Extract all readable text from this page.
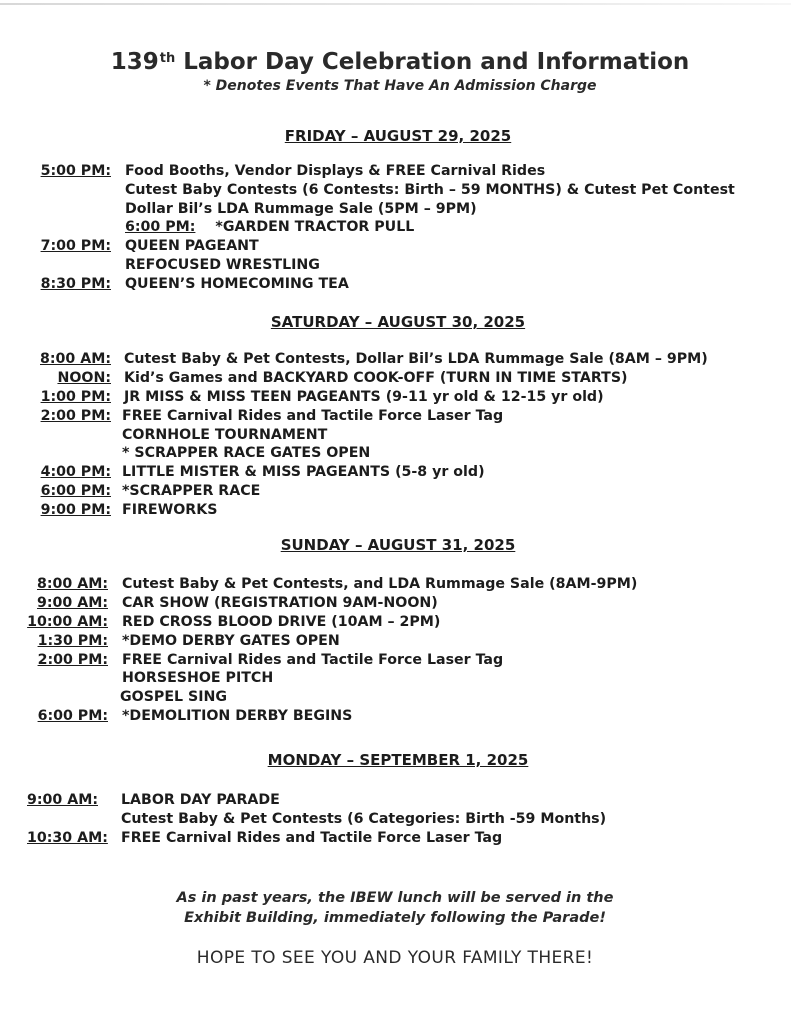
139th Labor Day Celebration and Information
* Denotes Events That Have An Admission Charge
FRIDAY – AUGUST 29, 2025
5:00 PM: Food Booths, Vendor Displays & FREE Carnival Rides
Cutest Baby Contests (6 Contests: Birth – 59 MONTHS) & Cutest Pet Contest
Dollar Bil’s LDA Rummage Sale (5PM – 9PM)
6:00 PM: *GARDEN TRACTOR PULL
7:00 PM: QUEEN PAGEANT
REFOCUSED WRESTLING
8:30 PM: QUEEN’S HOMECOMING TEA
SATURDAY – AUGUST 30, 2025
8:00 AM: Cutest Baby & Pet Contests, Dollar Bil’s LDA Rummage Sale (8AM – 9PM)
NOON: Kid’s Games and BACKYARD COOK-OFF (TURN IN TIME STARTS)
1:00 PM: JR MISS & MISS TEEN PAGEANTS (9-11 yr old & 12-15 yr old)
2:00 PM: FREE Carnival Rides and Tactile Force Laser Tag
CORNHOLE TOURNAMENT
* SCRAPPER RACE GATES OPEN
4:00 PM: LITTLE MISTER & MISS PAGEANTS (5-8 yr old)
6:00 PM: *SCRAPPER RACE
9:00 PM: FIREWORKS
SUNDAY – AUGUST 31, 2025
8:00 AM: Cutest Baby & Pet Contests, and LDA Rummage Sale (8AM-9PM)
9:00 AM: CAR SHOW (REGISTRATION 9AM-NOON)
10:00 AM: RED CROSS BLOOD DRIVE (10AM – 2PM)
1:30 PM: *DEMO DERBY GATES OPEN
2:00 PM: FREE Carnival Rides and Tactile Force Laser Tag
HORSESHOE PITCH
GOSPEL SING
6:00 PM: *DEMOLITION DERBY BEGINS
MONDAY – SEPTEMBER 1, 2025
9:00 AM: LABOR DAY PARADE
Cutest Baby & Pet Contests (6 Categories: Birth -59 Months)
10:30 AM: FREE Carnival Rides and Tactile Force Laser Tag
As in past years, the IBEW lunch will be served in the
Exhibit Building, immediately following the Parade!
HOPE TO SEE YOU AND YOUR FAMILY THERE!
